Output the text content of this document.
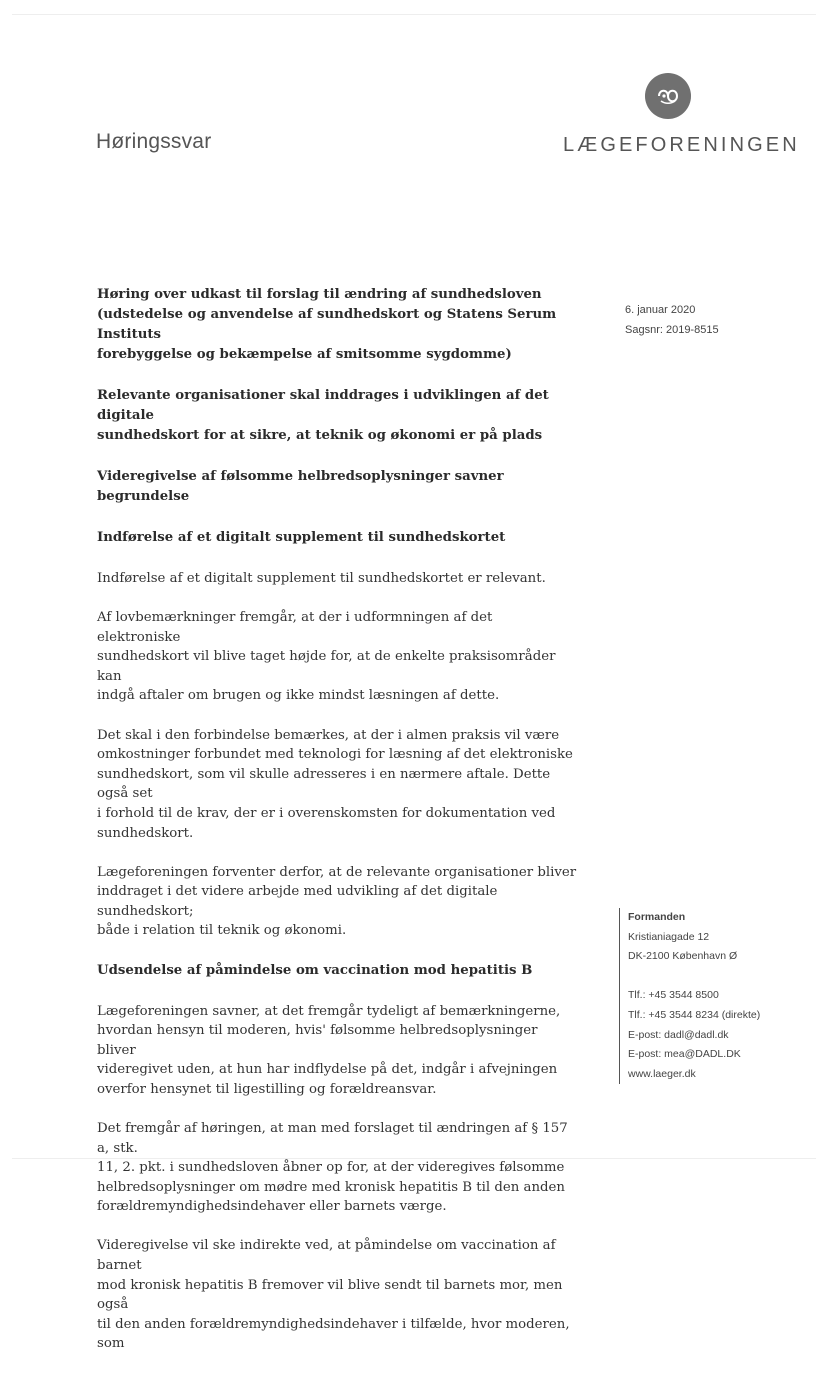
Høringssvar	LÆGEFORENINGEN
6. januar 2020
Sagsnr: 2019-8515
Høring over udkast til forslag til ændring af sundhedsloven
(udstedelse og anvendelse af sundhedskort og Statens Serum Instituts
forebyggelse og bekæmpelse af smitsomme sygdomme)
Relevante organisationer skal inddrages i udviklingen af det digitale
sundhedskort for at sikre, at teknik og økonomi er på plads
Videregivelse af følsomme helbredsoplysninger savner begrundelse
Indførelse af et digitalt supplement til sundhedskortet
Indførelse af et digitalt supplement til sundhedskortet er relevant.
Af lovbemærkninger fremgår, at der i udformningen af det elektroniske
sundhedskort vil blive taget højde for, at de enkelte praksisområder kan
indgå aftaler om brugen og ikke mindst læsningen af dette.
Det skal i den forbindelse bemærkes, at der i almen praksis vil være
omkostninger forbundet med teknologi for læsning af det elektroniske
sundhedskort, som vil skulle adresseres i en nærmere aftale. Dette også set
i forhold til de krav, der er i overenskomsten for dokumentation ved
sundhedskort.
Lægeforeningen forventer derfor, at de relevante organisationer bliver
inddraget i det videre arbejde med udvikling af det digitale sundhedskort;
både i relation til teknik og økonomi.
Udsendelse af påmindelse om vaccination mod hepatitis B
Lægeforeningen savner, at det fremgår tydeligt af bemærkningerne,
hvordan hensyn til moderen, hvis' følsomme helbredsoplysninger bliver
videregivet uden, at hun har indflydelse på det, indgår i afvejningen
overfor hensynet til ligestilling og forældreansvar.
Det fremgår af høringen, at man med forslaget til ændringen af § 157 a, stk.
11, 2. pkt. i sundhedsloven åbner op for, at der videregives følsomme
helbredsoplysninger om mødre med kronisk hepatitis B til den anden
forældremyndighedsindehaver eller barnets værge.
Videregivelse vil ske indirekte ved, at påmindelse om vaccination af barnet
mod kronisk hepatitis B fremover vil blive sendt til barnets mor, men også
til den anden forældremyndighedsindehaver i tilfælde, hvor moderen, som
Formanden
Kristianiagade 12
DK-2100 København Ø
Tlf.: +45 3544 8500
Tlf.: +45 3544 8234 (direkte)
E-post: dadl@dadl.dk
E-post: mea@DADL.DK
www.laeger.dk
